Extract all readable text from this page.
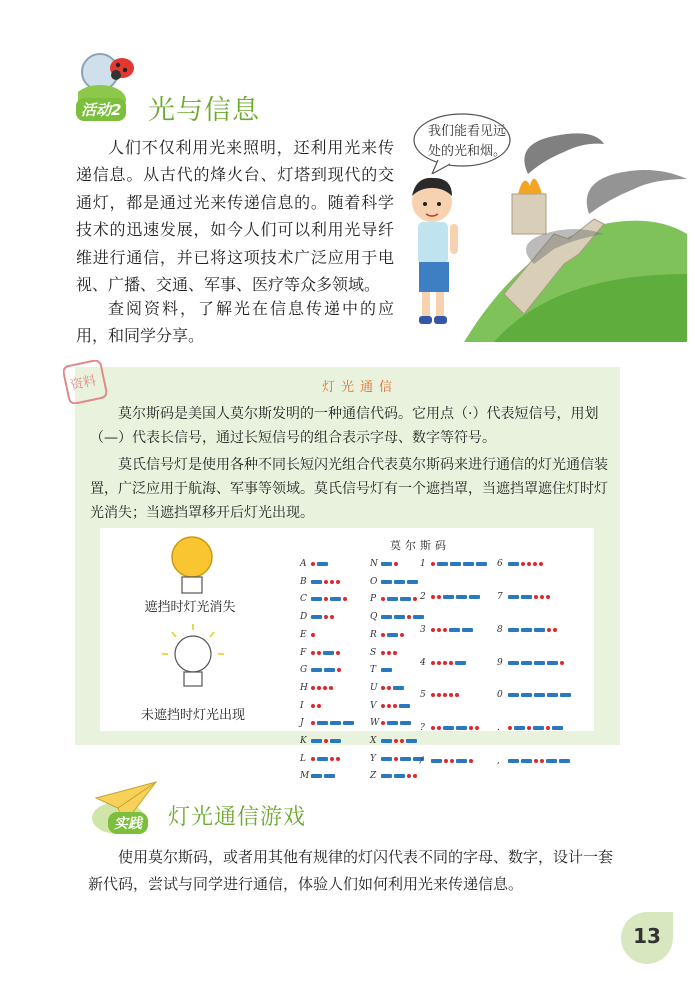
活动2 光与信息

人们不仅利用光来照明，还利用光来传递信息。从古代的烽火台、灯塔到现代的交通灯，都是通过光来传递信息的。随着科学技术的迅速发展，如今人们可以利用光导纤维进行通信，并已将这项技术广泛应用于电视、广播、交通、军事、医疗等众多领域。

查阅资料，了解光在信息传递中的应用，和同学分享。

我们能看见远处的光和烟。
资料	灯光通信

莫尔斯码是美国人莫尔斯发明的一种通信代码。它用点（·）代表短信号，用划（—）代表长信号，通过长短信号的组合表示字母、数字等符号。

莫氏信号灯是使用各种不同长短闪光组合代表莫尔斯码来进行通信的灯光通信装置，广泛应用于航海、军事等领域。莫氏信号灯有一个遮挡罩，当遮挡罩遮住灯时灯光消失；当遮挡罩移开后灯光出现。

遮挡时灯光消失
未遮挡时灯光出现
莫尔斯码
A
B
C
D
E
F
G
H
I
J
K
L
M
N
O
P
Q
R
S
T
U
V
W
X
Y
Z
1
2
3
4
5
?
/
6
7
8
9
0
.
,
实践 灯光通信游戏

使用莫尔斯码，或者用其他有规律的灯闪代表不同的字母、数字，设计一套新代码，尝试与同学进行通信，体验人们如何利用光来传递信息。

13
